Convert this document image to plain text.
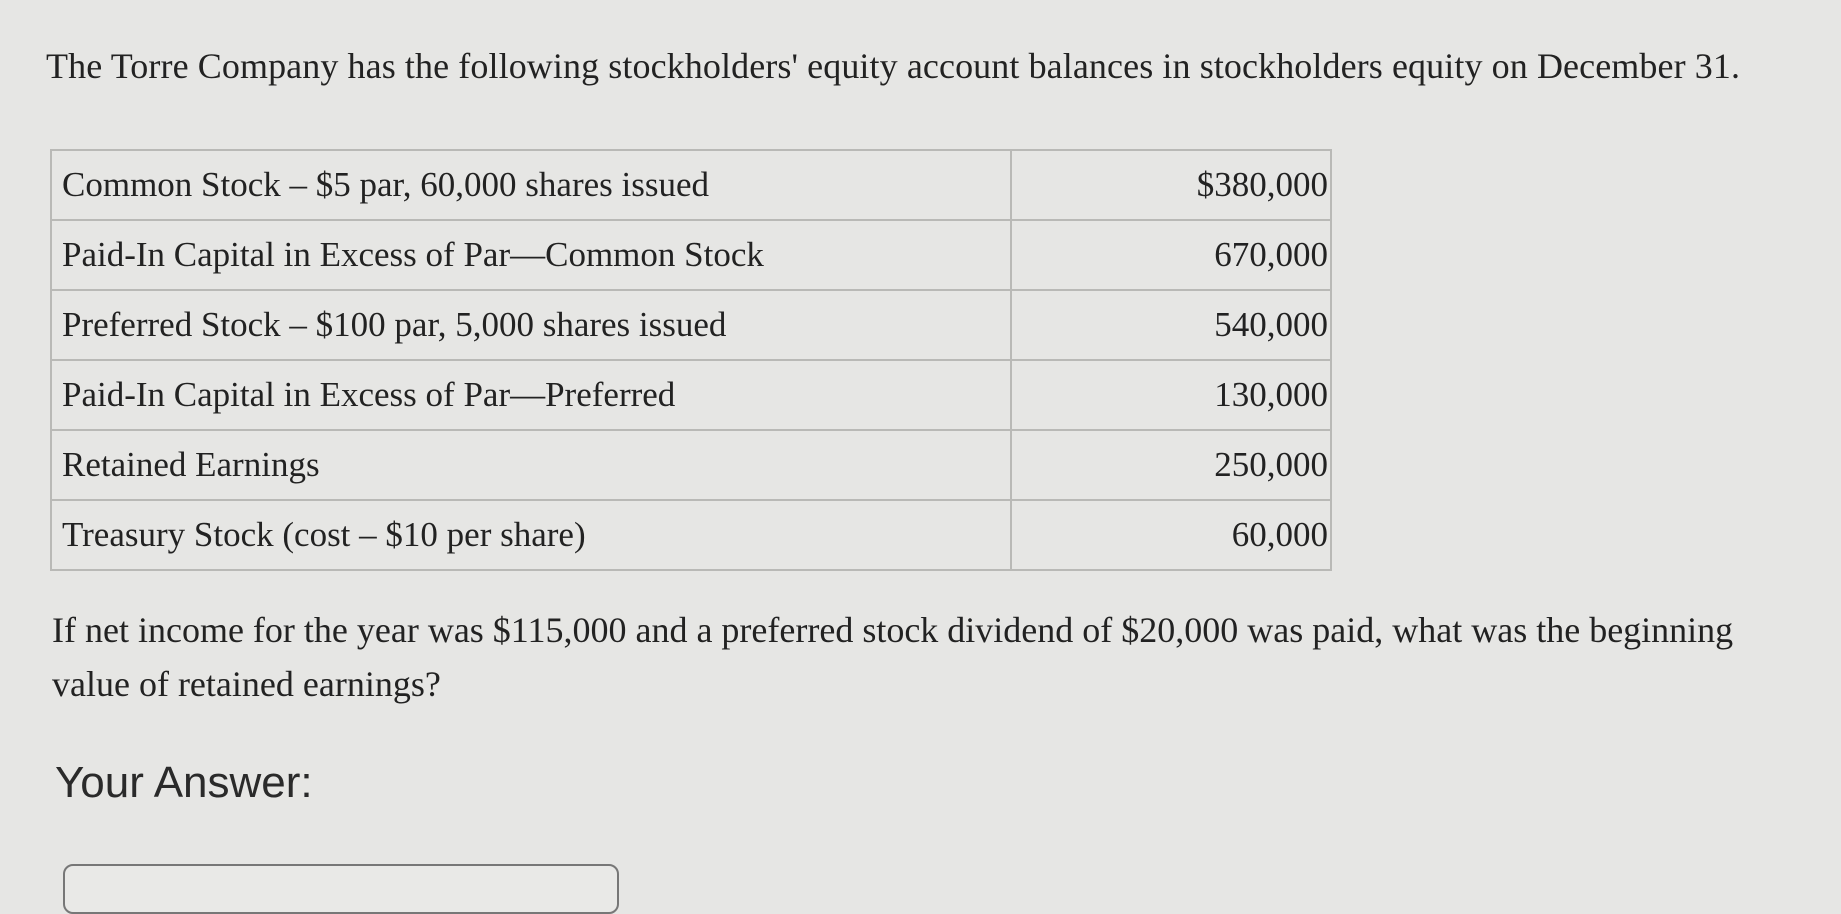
The Torre Company has the following stockholders' equity account balances in stockholders equity on December 31.

Common Stock – $5 par, 60,000 shares issued	$380,000
Paid-In Capital in Excess of Par—Common Stock	670,000
Preferred Stock – $100 par, 5,000 shares issued	540,000
Paid-In Capital in Excess of Par—Preferred	130,000
Retained Earnings	250,000
Treasury Stock (cost – $10 per share)	60,000

If net income for the year was $115,000 and a preferred stock dividend of $20,000 was paid, what was the beginning value of retained earnings?

Your Answer:
